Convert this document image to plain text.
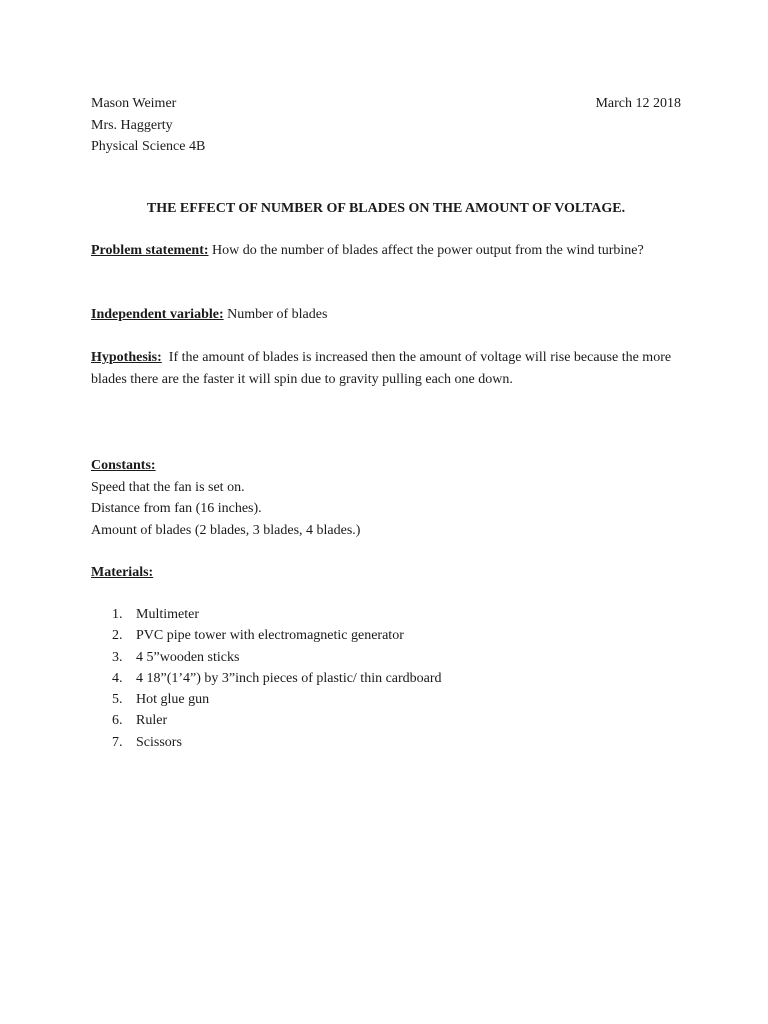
Mason Weimer
Mrs. Haggerty
Physical Science 4B
March 12 2018
THE EFFECT OF NUMBER OF BLADES ON THE AMOUNT OF VOLTAGE.
Problem statement: How do the number of blades affect the power output from the wind turbine?
Independent variable: Number of blades
Hypothesis: If the amount of blades is increased then the amount of voltage will rise because the more blades there are the faster it will spin due to gravity pulling each one down.
Constants:
Speed that the fan is set on.
Distance from fan (16 inches).
Amount of blades (2 blades, 3 blades, 4 blades.)
Materials:
1. Multimeter
2. PVC pipe tower with electromagnetic generator
3. 4 5”wooden sticks
4. 4 18”(1’4”) by 3”inch pieces of plastic/ thin cardboard
5. Hot glue gun
6. Ruler
7. Scissors
